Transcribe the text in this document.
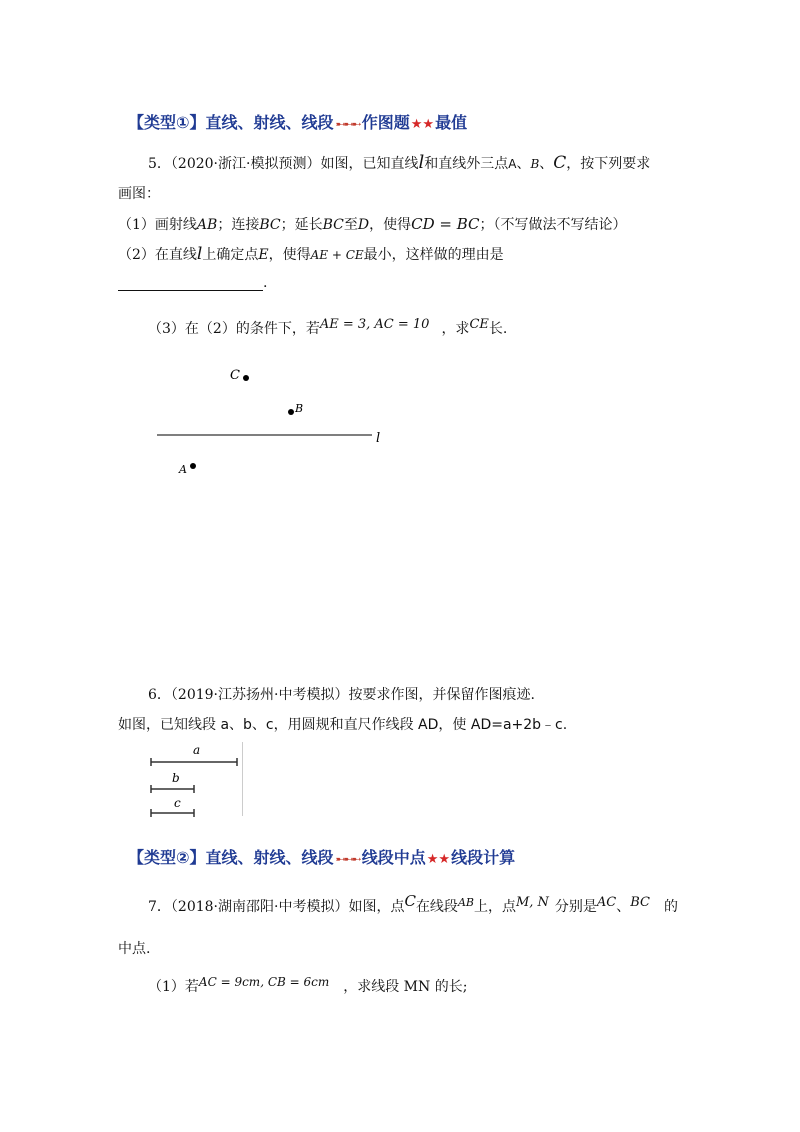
【类型①】直线、射线、线段 ➸➸➸ 作图题★★最值
5．（2020·浙江·模拟预测）如图，已知直线l和直线外三点A、B、C，按下列要求
画图：
（1）画射线AB；连接BC；延长BC至D，使得CD = BC；（不写做法不写结论）
（2）在直线l上确定点E，使得AE + CE最小，这样做的理由是
.
（3）在（2）的条件下，若AE = 3, AC = 10 ，求CE长.
C
B
l
A
6．（2019·江苏扬州·中考模拟）按要求作图，并保留作图痕迹.
如图，已知线段 a、b、c，用圆规和直尺作线段 AD，使 AD=a+2b﹣c.
a
b
c
【类型②】直线、射线、线段 ➸➸➸ 线段中点★★线段计算
7．（2018·湖南邵阳·中考模拟）如图，点C在线段$^{AB}$上，点M, N 分别是AC、BC 的
中点.
（1）若AC = 9cm, CB = 6cm ，求线段 MN 的长;
